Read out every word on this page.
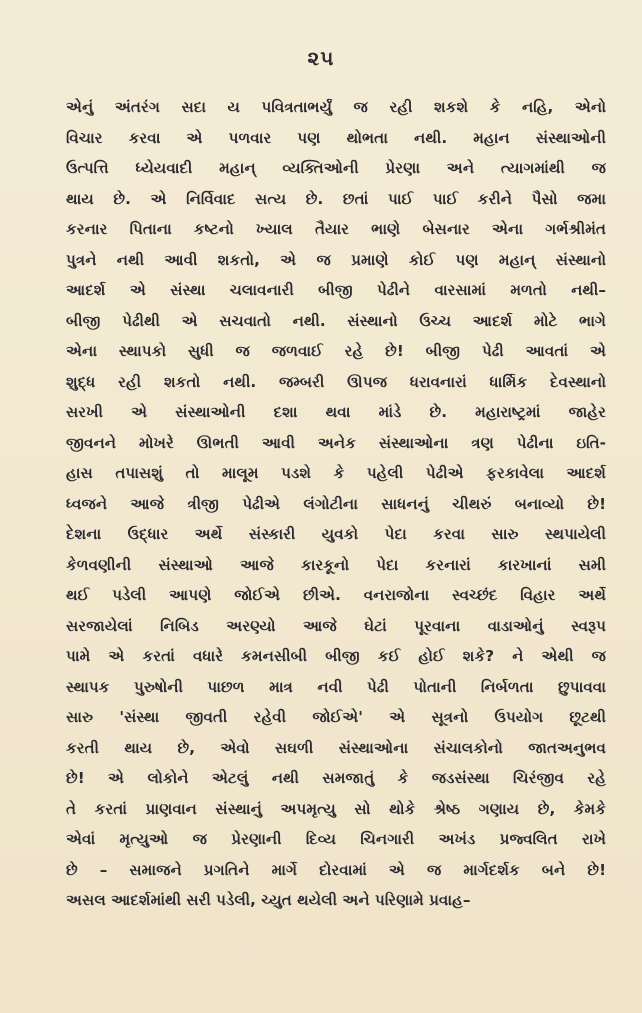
૨૫
એનું અંતરંગ સદા ય પવિત્રતાભર્યું જ રહી શકશે કે નહિ, એનો
વિચાર કરવા એ પળવાર પણ થોભતા નથી. મહાન સંસ્થાઓની
ઉત્પત્તિ ધ્યેયવાદી મહાન્ વ્યક્તિઓની પ્રેરણા અને ત્યાગમાંથી જ
થાય છે. એ નિર્વિવાદ સત્ય છે. છતાં પાઈ પાઈ કરીને પૈસો જમા
કરનાર પિતાના કષ્ટનો ખ્યાલ તૈયાર ભાણે બેસનાર એના ગર્ભશ્રીમંત
પુત્રને નથી આવી શકતો, એ જ પ્રમાણે કોઈ પણ મહાન્ સંસ્થાનો
આદર્શ એ સંસ્થા ચલાવનારી બીજી પેઢીને વારસામાં મળતો નથી–
બીજી પેઢીથી એ સચવાતો નથી. સંસ્થાનો ઉચ્ચ આદર્શ મોટે ભાગે
એના સ્થાપકો સુધી જ જળવાઈ રહે છે! બીજી પેઢી આવતાં એ
શુદ્ધ રહી શકતો નથી. જમ્બરી ઊપજ ધરાવનારાં ધાર્મિક દેવસ્થાનો
સરખી એ સંસ્થાઓની દશા થવા માંડે છે. મહારાષ્ટ્રમાં જાહેર
જીવનને મોખરે ઊભતી આવી અનેક સંસ્થાઓના ત્રણ પેઢીના ઇતિ-
હાસ તપાસશું તો માલૂમ પડશે કે પહેલી પેઢીએ ફરકાવેલા આદર્શ
ધ્વજને આજે ત્રીજી પેઢીએ લંગોટીના સાધનનું ચીથરું બનાવ્યો છે!
દેશના ઉદ્ધાર અર્થે સંસ્કારી યુવકો પેદા કરવા સારુ સ્થપાયેલી
કેળવણીની સંસ્થાઓ આજે કારકૂનો પેદા કરનારાં કારખાનાં સમી
થઈ પડેલી આપણે જોઈએ છીએ. વનરાજોના સ્વચ્છંદ વિહાર અર્થે
સરજાયેલાં નિબિડ અરણ્યો આજે ઘેટાં પૂરવાના વાડાઓનું સ્વરૂપ
પામે એ કરતાં વધારે કમનસીબી બીજી કઈ હોઈ શકે? ને એથી જ
સ્થાપક પુરુષોની પાછળ માત્ર નવી પેઢી પોતાની નિર્બળતા છુપાવવા
સારુ 'સંસ્થા જીવતી રહેવી જોઈએ' એ સૂત્રનો ઉપયોગ છૂટથી
કરતી થાય છે, એવો સઘળી સંસ્થાઓના સંચાલકોનો જાતઅનુભવ
છે! એ લોકોને એટલું નથી સમજાતું કે જડસંસ્થા ચિરંજીવ રહે
તે કરતાં પ્રાણવાન સંસ્થાનું અપમૃત્યુ સો થોકે શ્રેષ્ઠ ગણાય છે, કેમકે
એવાં મૃત્યુઓ જ પ્રેરણાની દિવ્ય ચિનગારી અખંડ પ્રજ્વલિત રાખે
છે – સમાજને પ્રગતિને માર્ગે દોરવામાં એ જ માર્ગદર્શક બને છે!
અસલ આદર્શમાંથી સરી પડેલી, ચ્યુત થયેલી અને પરિણામે પ્રવાહ–
